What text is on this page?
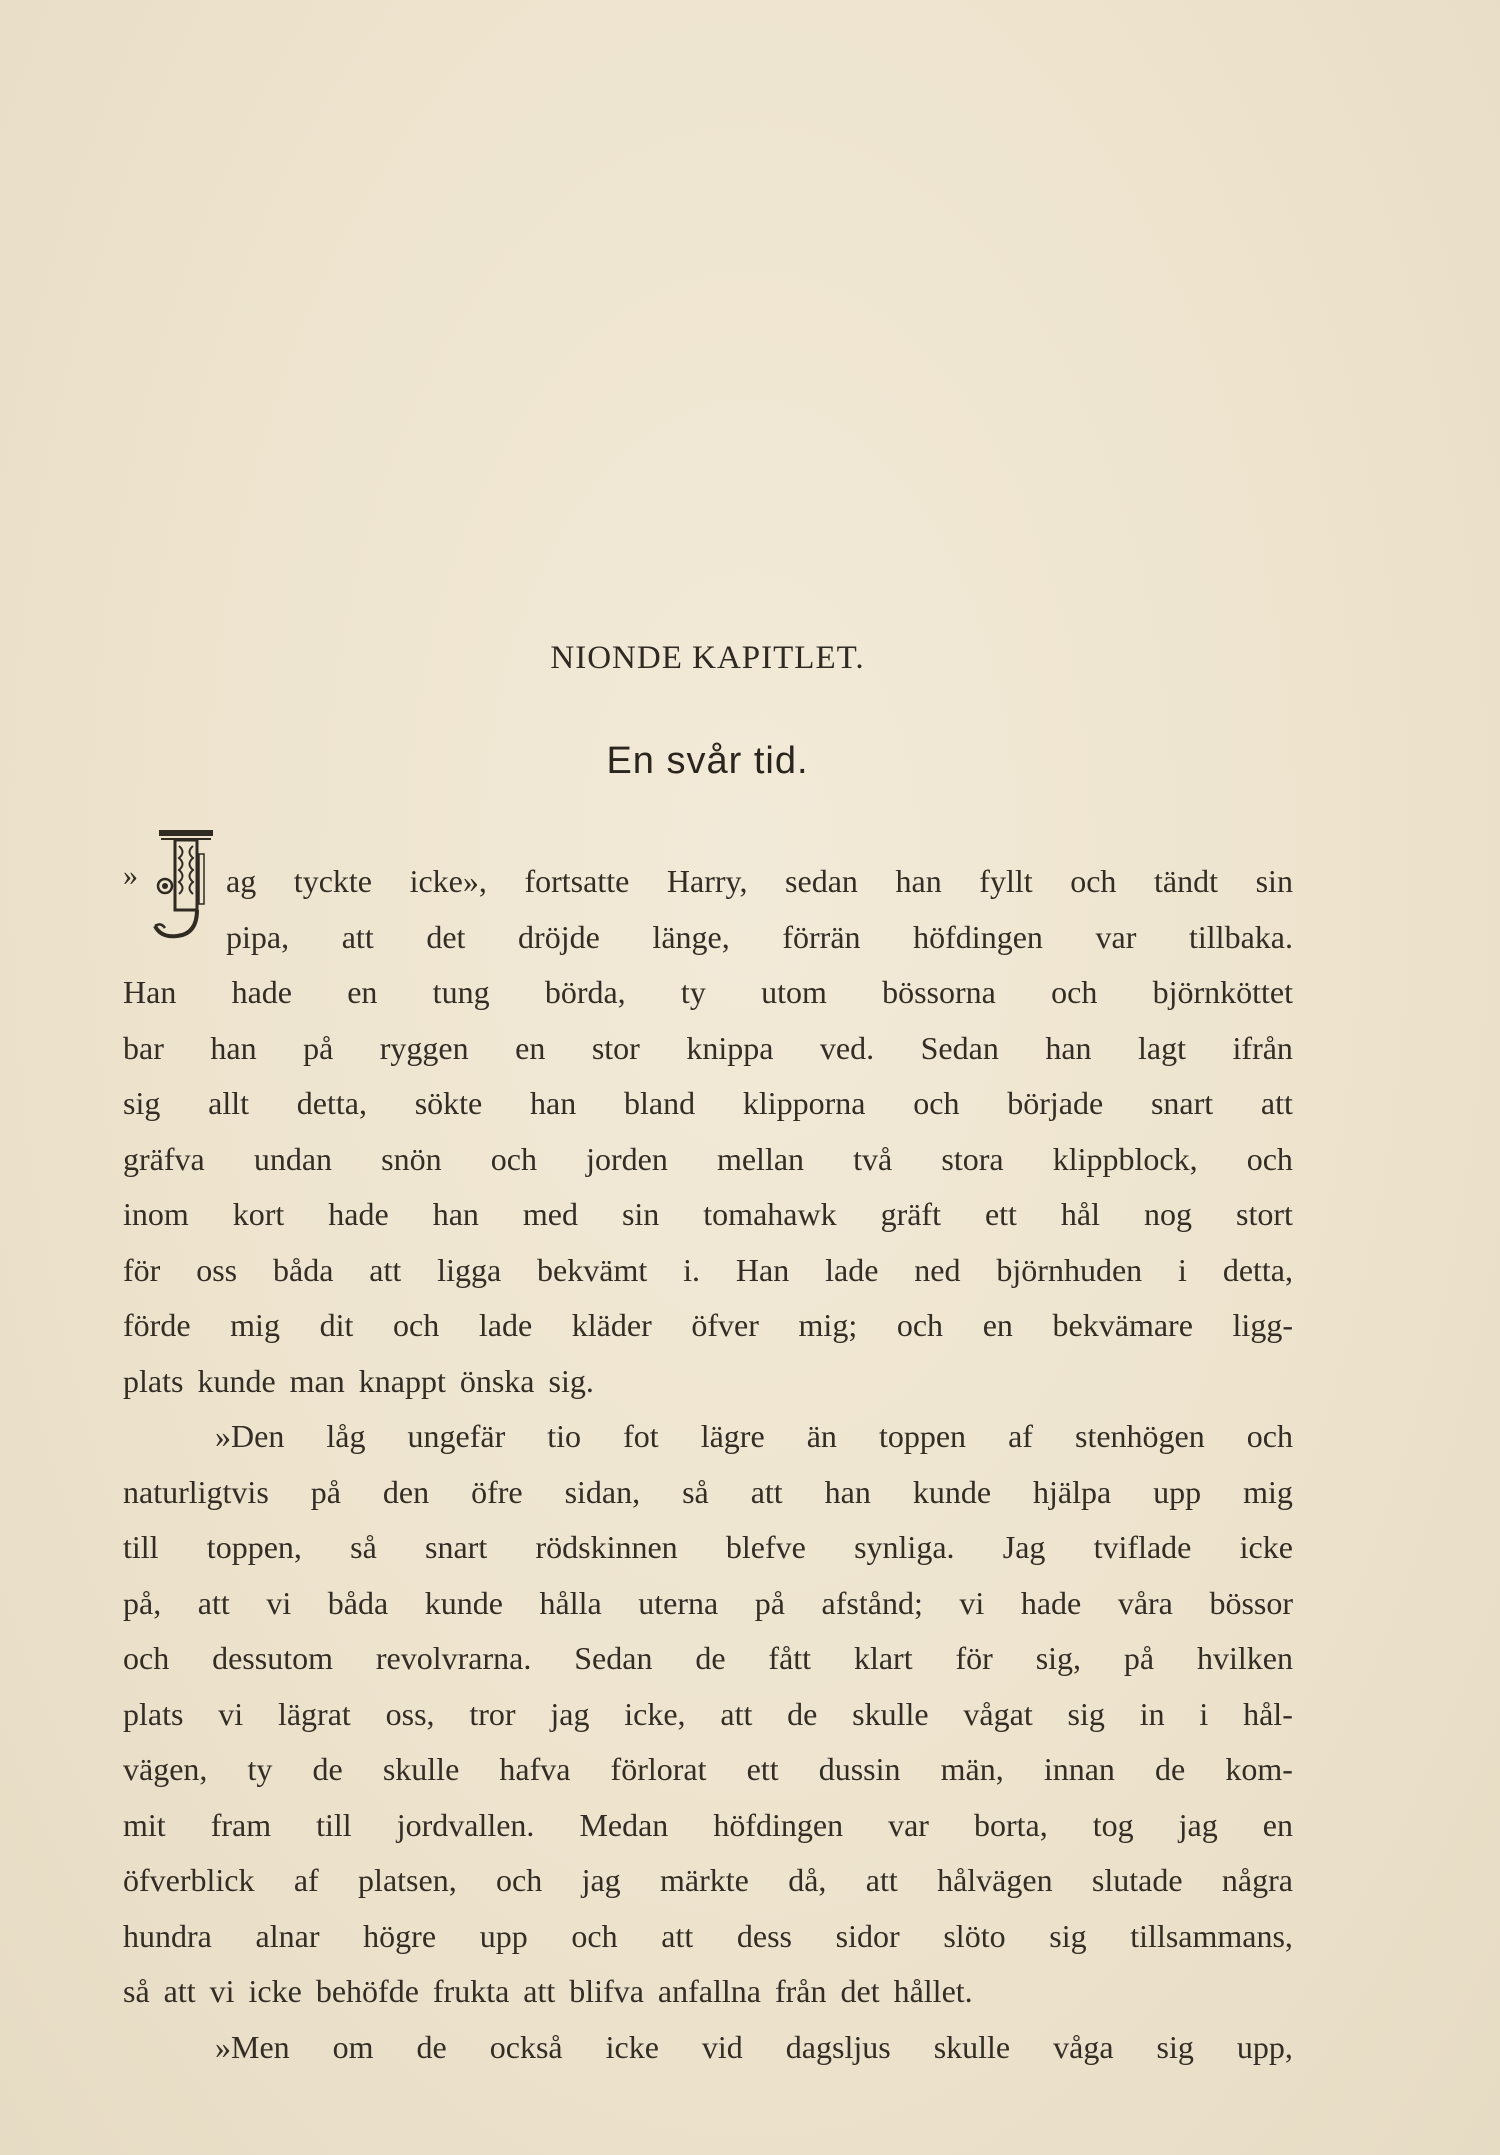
NIONDE KAPITLET.
En svår tid.
»	ag tyckte icke», fortsatte Harry, sedan han fyllt och tändt sin
pipa, att det dröjde länge, förrän höfdingen var tillbaka.
Han hade en tung börda, ty utom bössorna och björnköttet
bar han på ryggen en stor knippa ved. Sedan han lagt ifrån
sig allt detta, sökte han bland klipporna och började snart att
gräfva undan snön och jorden mellan två stora klippblock, och
inom kort hade han med sin tomahawk gräft ett hål nog stort
för oss båda att ligga bekvämt i. Han lade ned björnhuden i detta,
förde mig dit och lade kläder öfver mig; och en bekvämare ligg-
plats kunde man knappt önska sig.
»Den låg ungefär tio fot lägre än toppen af stenhögen och
naturligtvis på den öfre sidan, så att han kunde hjälpa upp mig
till toppen, så snart rödskinnen blefve synliga. Jag tviflade icke
på, att vi båda kunde hålla uterna på afstånd; vi hade våra bössor
och dessutom revolvrarna. Sedan de fått klart för sig, på hvilken
plats vi lägrat oss, tror jag icke, att de skulle vågat sig in i hål-
vägen, ty de skulle hafva förlorat ett dussin män, innan de kom-
mit fram till jordvallen. Medan höfdingen var borta, tog jag en
öfverblick af platsen, och jag märkte då, att hålvägen slutade några
hundra alnar högre upp och att dess sidor slöto sig tillsammans,
så att vi icke behöfde frukta att blifva anfallna från det hållet.
»Men om de också icke vid dagsljus skulle våga sig upp,
